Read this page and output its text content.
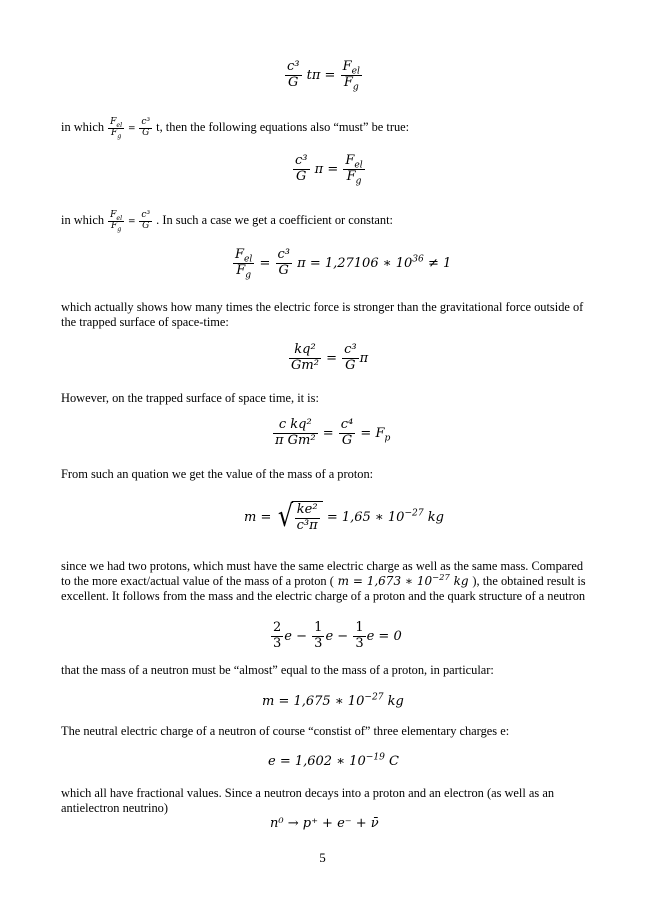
$\frac{\text{c³}}{G}$ $t\pi = \frac{F_{el}}{F_g}$
in which $\frac{F_{el}}{F_g} = \frac{\text{c³}}{G} t$, then the following equations also “must” be true:
$\frac{\text{c³}}{G}$ $\pi = \frac{F_{el}}{F_g}$
in which $\frac{F_{el}}{F_g} = \frac{\text{c³}}{G}$ . In such a case we get a coefficient or constant:
$\frac{F_{el}}{F_g} = \frac{\text{c³}}{G}$ π = 1,27106 ∗ $10^{36} \ne 1$
which actually shows how many times the electric force is stronger than the gravitational force outside of the trapped surface of space-time:
$\frac{\text{kq²}}{\text{Gm²}} = \frac{\text{c³}}{G}$ π
However, on the trapped surface of space time, it is:
$\frac{\text{c kq²}}{\text{π Gm²}} = \frac{\text{c⁴}}{G} = F_p$
From such an quation we get the value of the mass of a proton:
m = √ $\frac{\text{ke²}}{\text{c³π}} = 1,65$ ∗ $10^{-27}$ kg
since we had two protons, which must have the same electric charge as well as the same mass. Compared to the more exact/actual value of the mass of a proton ( m = 1,673 ∗ $10^{-27}$ kg ), the obtained result is excellent. It follows from the mass and the electric charge of a proton and the quark structure of a neutron
$\frac{2}{3}$ $e - \frac{1}{3}$ $e - \frac{1}{3}$ e = 0
that the mass of a neutron must be “almost” equal to the mass of a proton, in particular:
m = 1,675 ∗ $10^{-27}$ kg
The neutral electric charge of a neutron of course “constist of” three elementary charges e:
e = 1,602 ∗ $10^{-19}$ C
which all have fractional values. Since a neutron decays into a proton and an electron (as well as an antielectron neutrino)
n⁰ → p⁺ + e⁻ + ν̄
5
